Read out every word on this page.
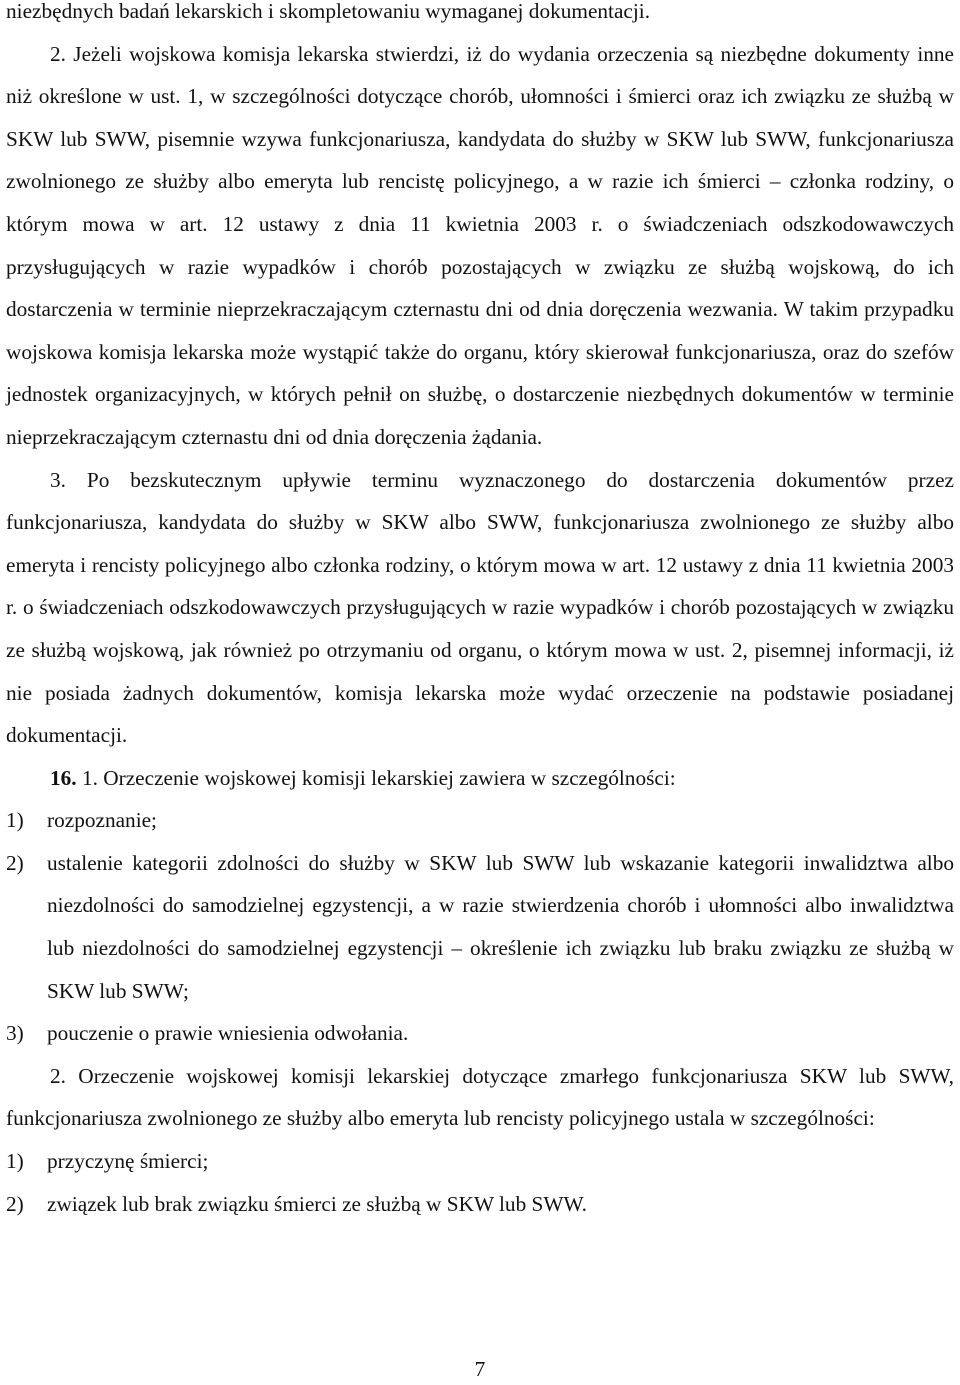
niezbędnych badań lekarskich i skompletowaniu wymaganej dokumentacji.

2. Jeżeli wojskowa komisja lekarska stwierdzi, iż do wydania orzeczenia są niezbędne dokumenty inne niż określone w ust. 1, w szczególności dotyczące chorób, ułomności i śmierci oraz ich związku ze służbą w SKW lub SWW, pisemnie wzywa funkcjonariusza, kandydata do służby w SKW lub SWW, funkcjonariusza zwolnionego ze służby albo emeryta lub rencistę policyjnego, a w razie ich śmierci – członka rodziny, o którym mowa w art. 12 ustawy z dnia 11 kwietnia 2003 r. o świadczeniach odszkodowawczych przysługujących w razie wypadków i chorób pozostających w związku ze służbą wojskową, do ich dostarczenia w terminie nieprzekraczającym czternastu dni od dnia doręczenia wezwania. W takim przypadku wojskowa komisja lekarska może wystąpić także do organu, który skierował funkcjonariusza, oraz do szefów jednostek organizacyjnych, w których pełnił on służbę, o dostarczenie niezbędnych dokumentów w terminie nieprzekraczającym czternastu dni od dnia doręczenia żądania.

3. Po bezskutecznym upływie terminu wyznaczonego do dostarczenia dokumentów przez funkcjonariusza, kandydata do służby w SKW albo SWW, funkcjonariusza zwolnionego ze służby albo emeryta i rencisty policyjnego albo członka rodziny, o którym mowa w art. 12 ustawy z dnia 11 kwietnia 2003 r. o świadczeniach odszkodowawczych przysługujących w razie wypadków i chorób pozostających w związku ze służbą wojskową, jak również po otrzymaniu od organu, o którym mowa w ust. 2, pisemnej informacji, iż nie posiada żadnych dokumentów, komisja lekarska może wydać orzeczenie na podstawie posiadanej dokumentacji.

16. 1. Orzeczenie wojskowej komisji lekarskiej zawiera w szczególności:

1)	rozpoznanie;
2)	ustalenie kategorii zdolności do służby w SKW lub SWW lub wskazanie kategorii inwalidztwa albo niezdolności do samodzielnej egzystencji, a w razie stwierdzenia chorób i ułomności albo inwalidztwa lub niezdolności do samodzielnej egzystencji – określenie ich związku lub braku związku ze służbą w SKW lub SWW;
3)	pouczenie o prawie wniesienia odwołania.

2. Orzeczenie wojskowej komisji lekarskiej dotyczące zmarłego funkcjonariusza SKW lub SWW, funkcjonariusza zwolnionego ze służby albo emeryta lub rencisty policyjnego ustala w szczególności:

1)	przyczynę śmierci;
2)	związek lub brak związku śmierci ze służbą w SKW lub SWW.
7
